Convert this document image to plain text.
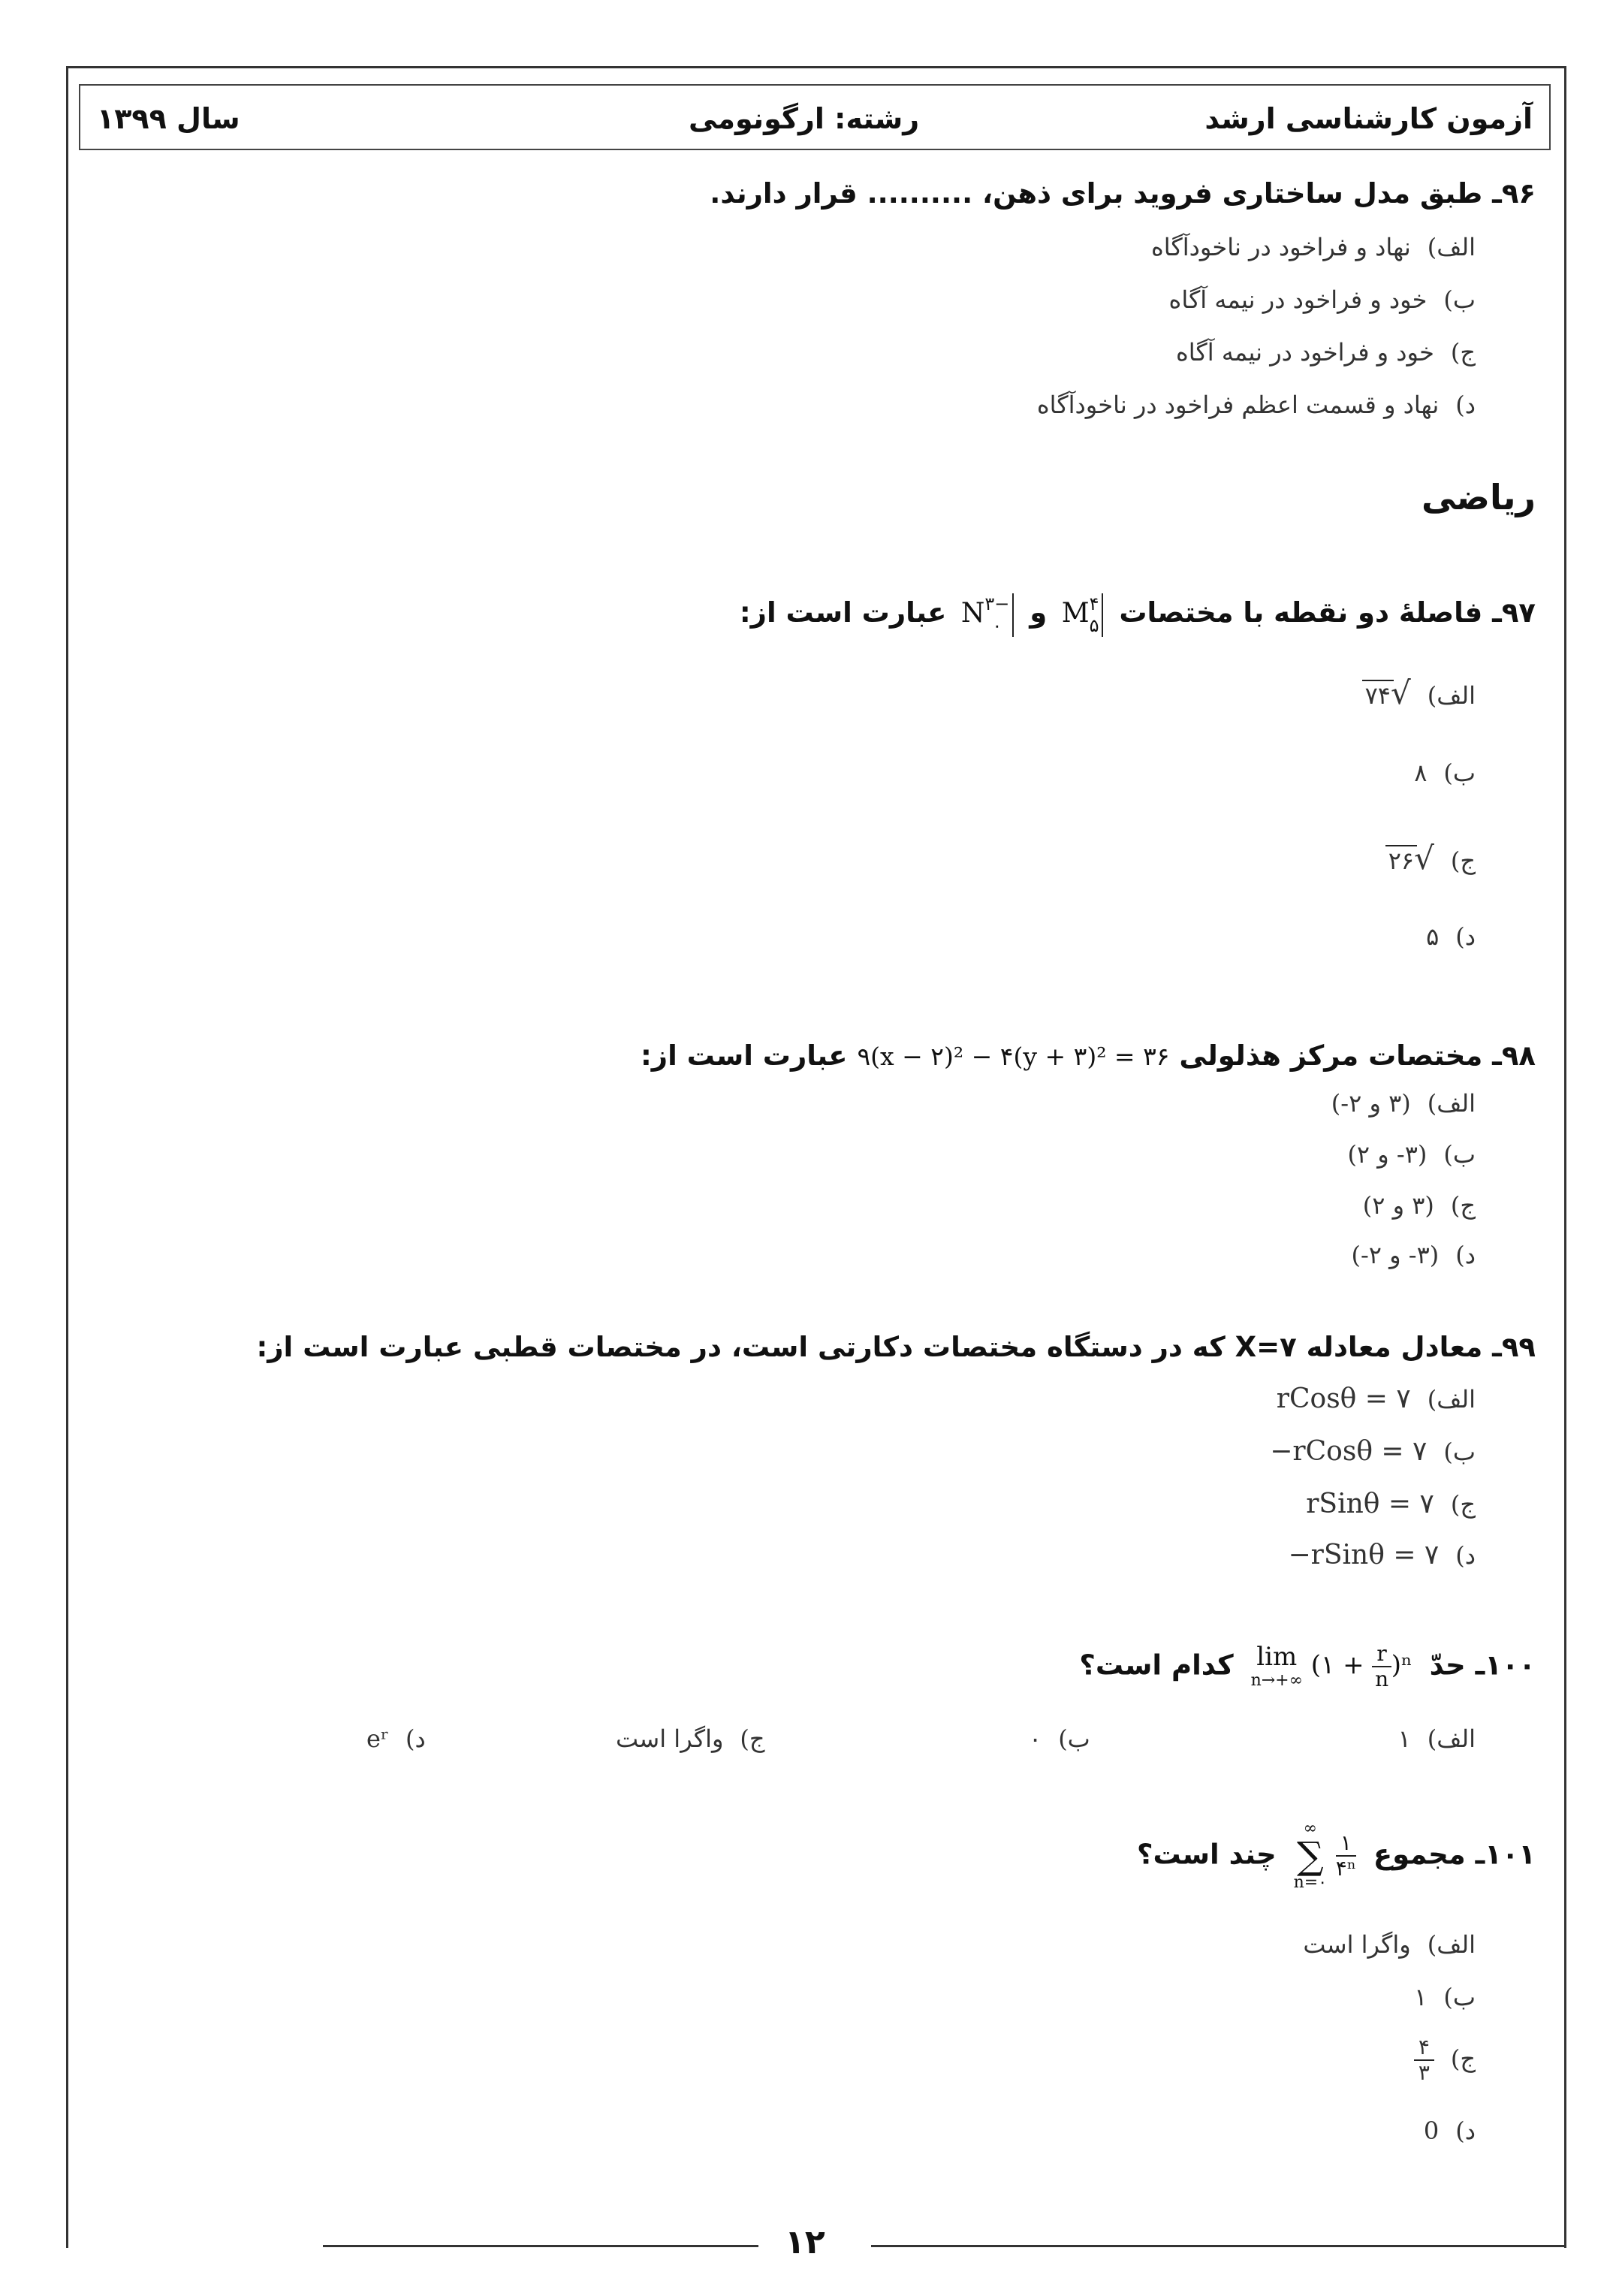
آزمون کارشناسی ارشد
رشته: ارگونومی
سال ۱۳۹۹
۹۶ـ طبق مدل ساختاری فروید برای ذهن، .......... قرار دارند.
الف)نهاد و فراخود در ناخودآگاه
ب)خود و فراخود در نیمه آگاه
ج)خود و فراخود در نیمه آگاه
د)نهاد و قسمت اعظم فراخود در ناخودآگاه
ریاضی
۹۷ـ فاصلهٔ دو نقطه با مختصات
۴
۵
M و
−۳
۰
N عبارت است از:
الف)√۷۴
ب)۸
ج)√۲۶
د)۵
۹۸ـ مختصات مرکز هذلولی ۹(x − ۲)² − ۴(y + ۳)² = ۳۶ عبارت است از:
الف)(۳ و ۲-)
ب)(۳- و ۲)
ج)(۳ و ۲)
د)(۳- و ۲-)
۹۹ـ معادل معادله X=۷ که در دستگاه مختصات دکارتی است، در مختصات قطبی عبارت است از:
الف)rCosθ = ۷
ب)−rCosθ = ۷
ج)rSinθ = ۷
د)−rSinθ = ۷
۱۰۰ـ حدّ
lim
n→+∞
(۱ + $\frac{r}{n} )^n$ کدام است؟
الف)۱
ب)۰
ج)واگرا است
د)eʳ
۱۰۱ـ مجموع
∞
∑
n=۰

$\frac{۱}{\text{۴ⁿ}}$
چند است؟
الف)واگرا است
ب)۱
ج)
$\frac{۴}{۳}$
د)0
۱۲
